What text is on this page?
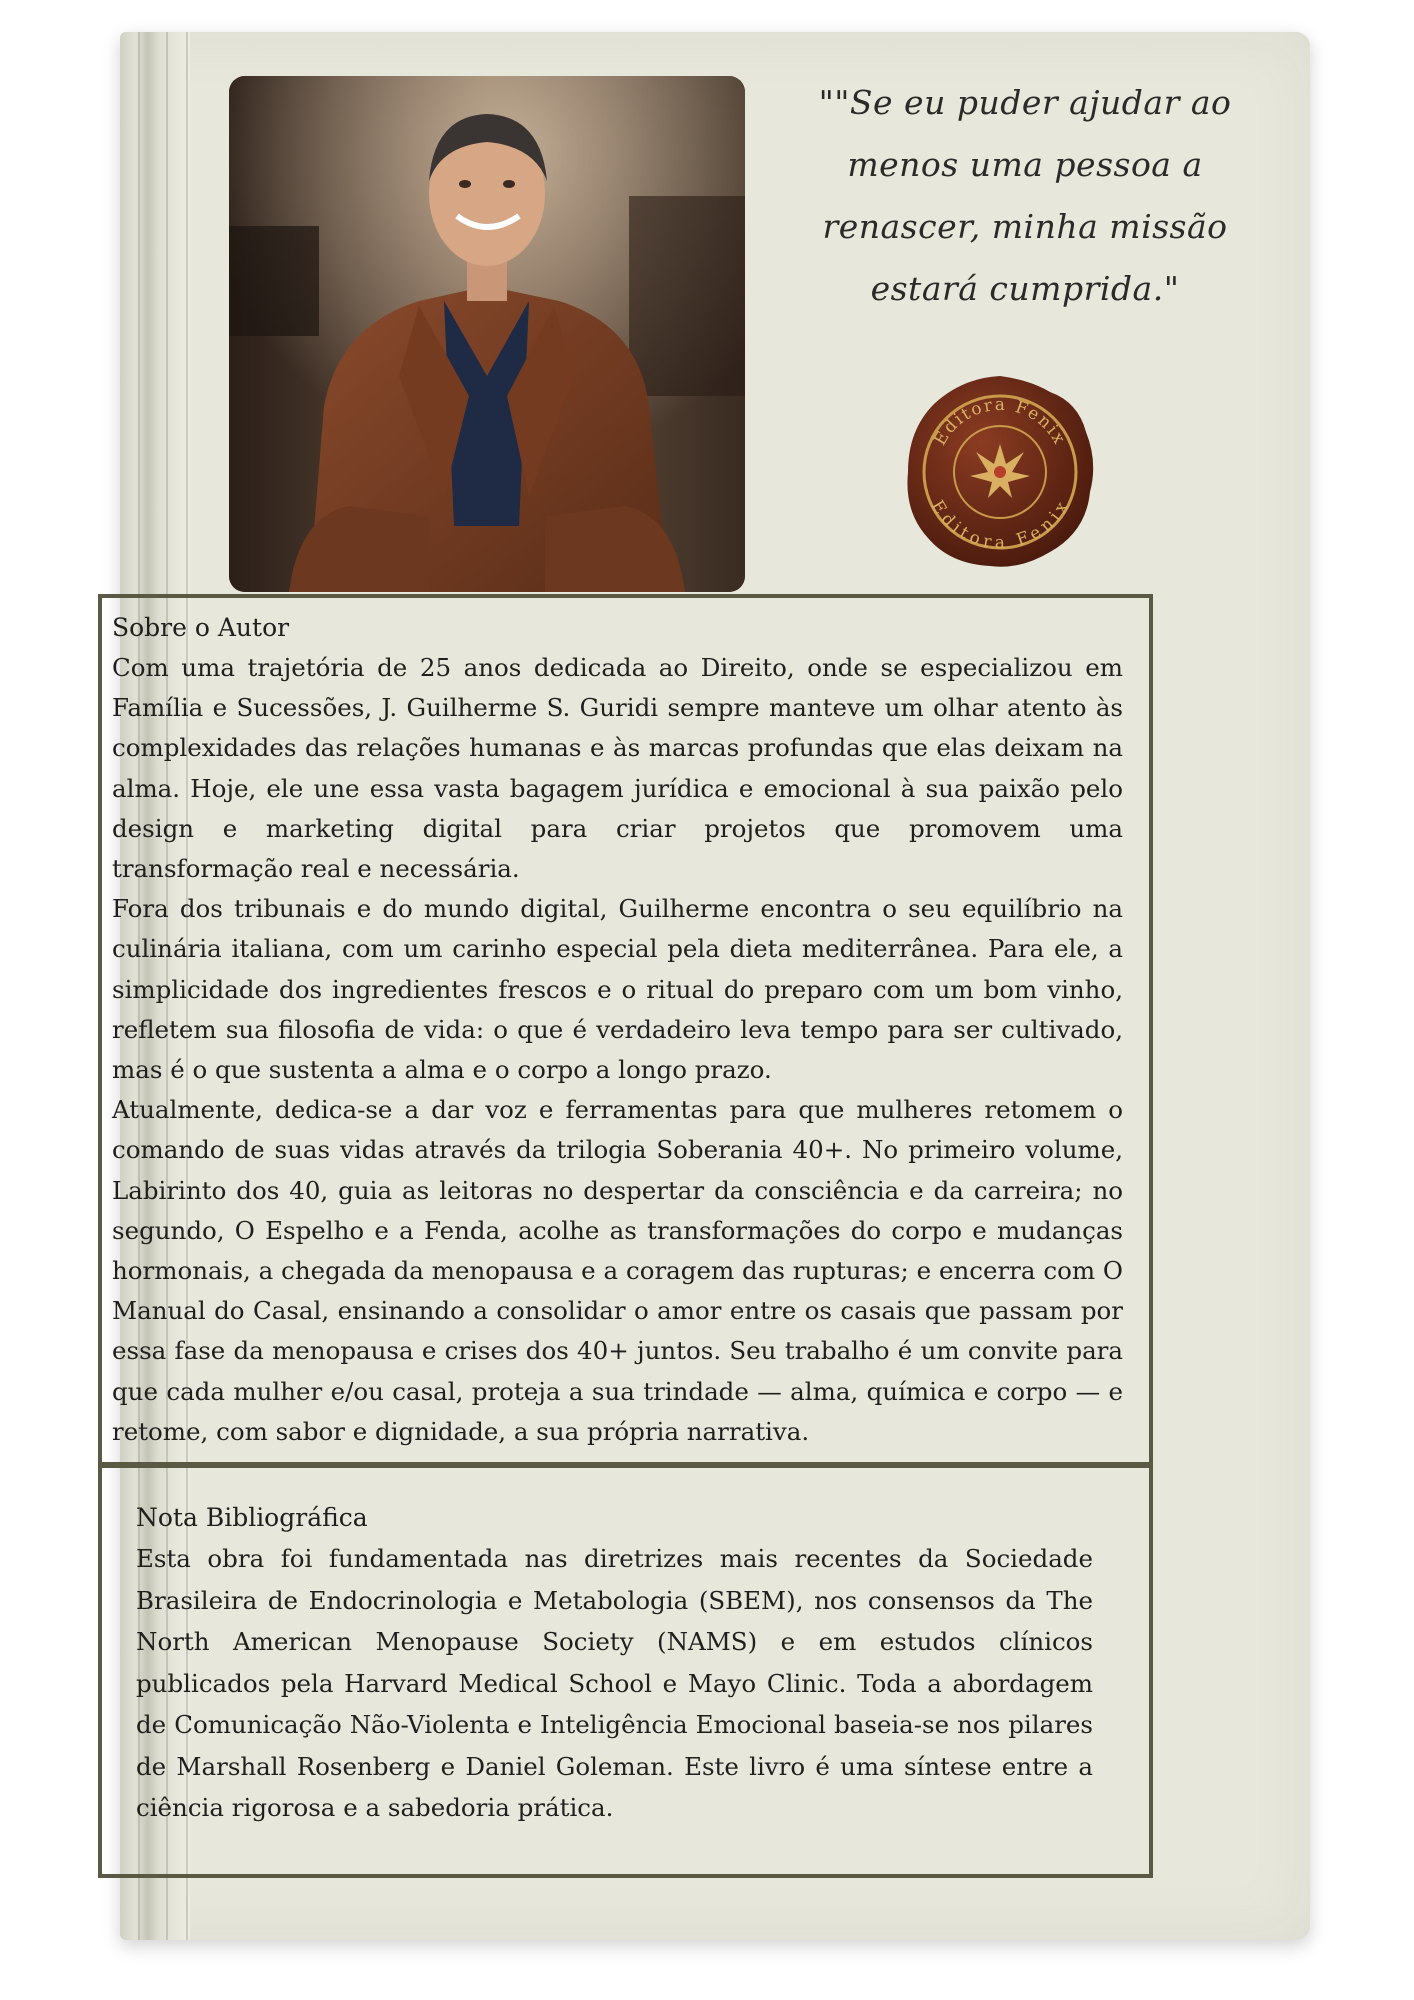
""Se eu puder ajudar ao
menos uma pessoa a
renascer, minha missão
estará cumprida."
Editora Fenix
Editora Fenix
Sobre o Autor

Com uma trajetória de 25 anos dedicada ao Direito, onde se especializou em Família e Sucessões, J. Guilherme S. Guridi sempre manteve um olhar atento às complexidades das relações humanas e às marcas profundas que elas deixam na alma. Hoje, ele une essa vasta bagagem jurídica e emocional à sua paixão pelo design e marketing digital para criar projetos que promovem uma transformação real e necessária.

Fora dos tribunais e do mundo digital, Guilherme encontra o seu equilíbrio na culinária italiana, com um carinho especial pela dieta mediterrânea. Para ele, a simplicidade dos ingredientes frescos e o ritual do preparo com um bom vinho, refletem sua filosofia de vida: o que é verdadeiro leva tempo para ser cultivado, mas é o que sustenta a alma e o corpo a longo prazo.

Atualmente, dedica-se a dar voz e ferramentas para que mulheres retomem o comando de suas vidas através da trilogia Soberania 40+. No primeiro volume, Labirinto dos 40, guia as leitoras no despertar da consciência e da carreira; no segundo, O Espelho e a Fenda, acolhe as transformações do corpo e mudanças hormonais, a chegada da menopausa e a coragem das rupturas; e encerra com O Manual do Casal, ensinando a consolidar o amor entre os casais que passam por essa fase da menopausa e crises dos 40+ juntos. Seu trabalho é um convite para que cada mulher e/ou casal, proteja a sua trindade — alma, química e corpo — e retome, com sabor e dignidade, a sua própria narrativa.

Nota Bibliográfica

Esta obra foi fundamentada nas diretrizes mais recentes da Sociedade Brasileira de Endocrinologia e Metabologia (SBEM), nos consensos da The North American Menopause Society (NAMS) e em estudos clínicos publicados pela Harvard Medical School e Mayo Clinic. Toda a abordagem de Comunicação Não-Violenta e Inteligência Emocional baseia-se nos pilares de Marshall Rosenberg e Daniel Goleman. Este livro é uma síntese entre a ciência rigorosa e a sabedoria prática.
